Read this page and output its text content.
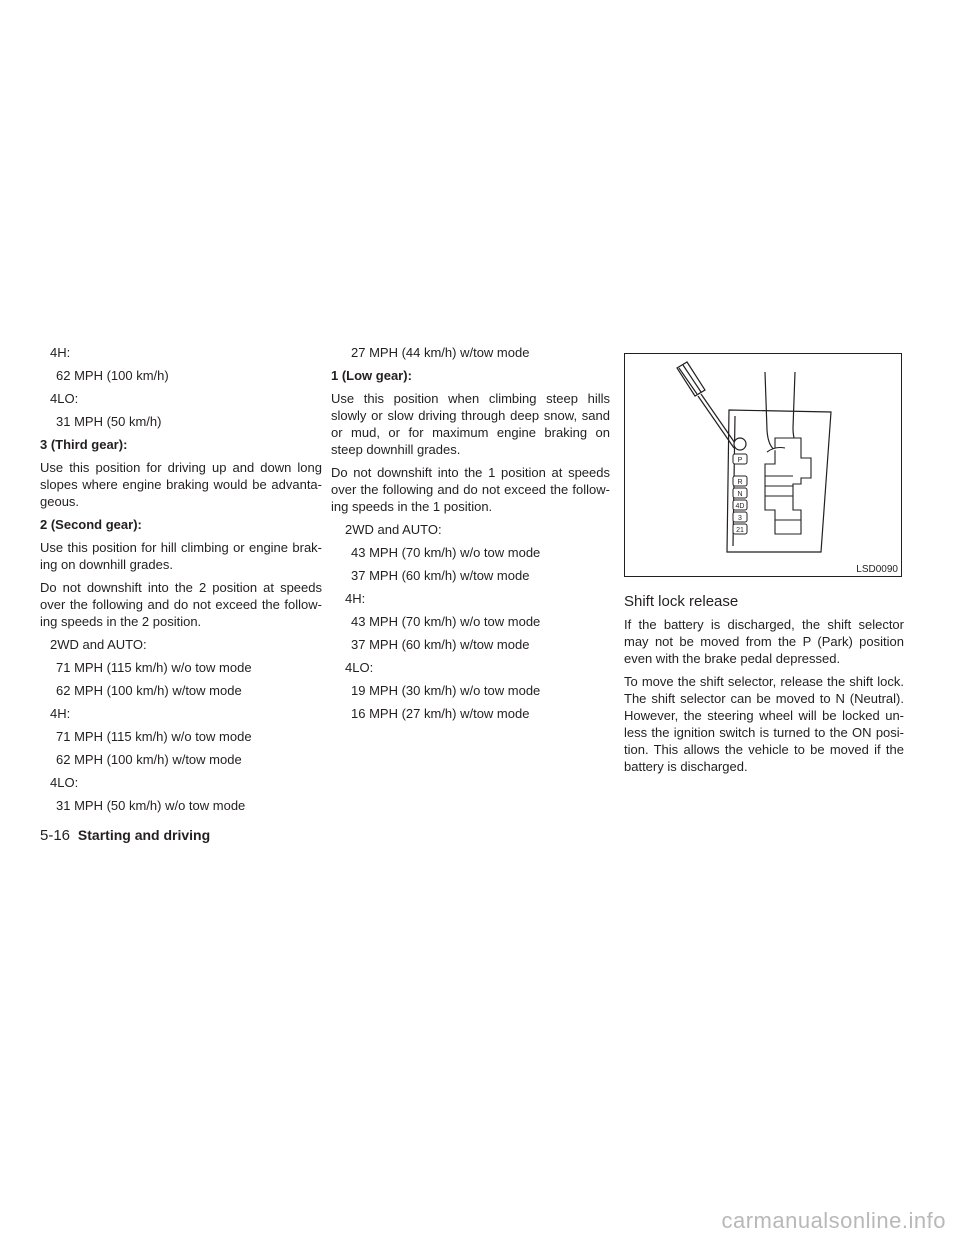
4H:
62 MPH (100 km/h)
4LO:
31 MPH (50 km/h)
3 (Third gear):
Use this position for driving up and down long slopes where engine braking would be advanta-geous.
2 (Second gear):
Use this position for hill climbing or engine brak-ing on downhill grades.
Do not downshift into the 2 position at speeds over the following and do not exceed the follow-ing speeds in the 2 position.
2WD and AUTO:
71 MPH (115 km/h) w/o tow mode
62 MPH (100 km/h) w/tow mode
4H:
71 MPH (115 km/h) w/o tow mode
62 MPH (100 km/h) w/tow mode
4LO:
31 MPH (50 km/h) w/o tow mode
27 MPH (44 km/h) w/tow mode
1 (Low gear):
Use this position when climbing steep hills slowly or slow driving through deep snow, sand or mud, or for maximum engine braking on steep downhill grades.
Do not downshift into the 1 position at speeds over the following and do not exceed the follow-ing speeds in the 1 position.
2WD and AUTO:
43 MPH (70 km/h) w/o tow mode
37 MPH (60 km/h) w/tow mode
4H:
43 MPH (70 km/h) w/o tow mode
37 MPH (60 km/h) w/tow mode
4LO:
19 MPH (30 km/h) w/o tow mode
16 MPH (27 km/h) w/tow mode
P
R
N
4D
3
21
LSD0090
Shift lock release
If the battery is discharged, the shift selector may not be moved from the P (Park) position even with the brake pedal depressed.
To move the shift selector, release the shift lock. The shift selector can be moved to N (Neutral). However, the steering wheel will be locked un-less the ignition switch is turned to the ON posi-tion. This allows the vehicle to be moved if the battery is discharged.
5-16 Starting and driving
carmanualsonline.info
